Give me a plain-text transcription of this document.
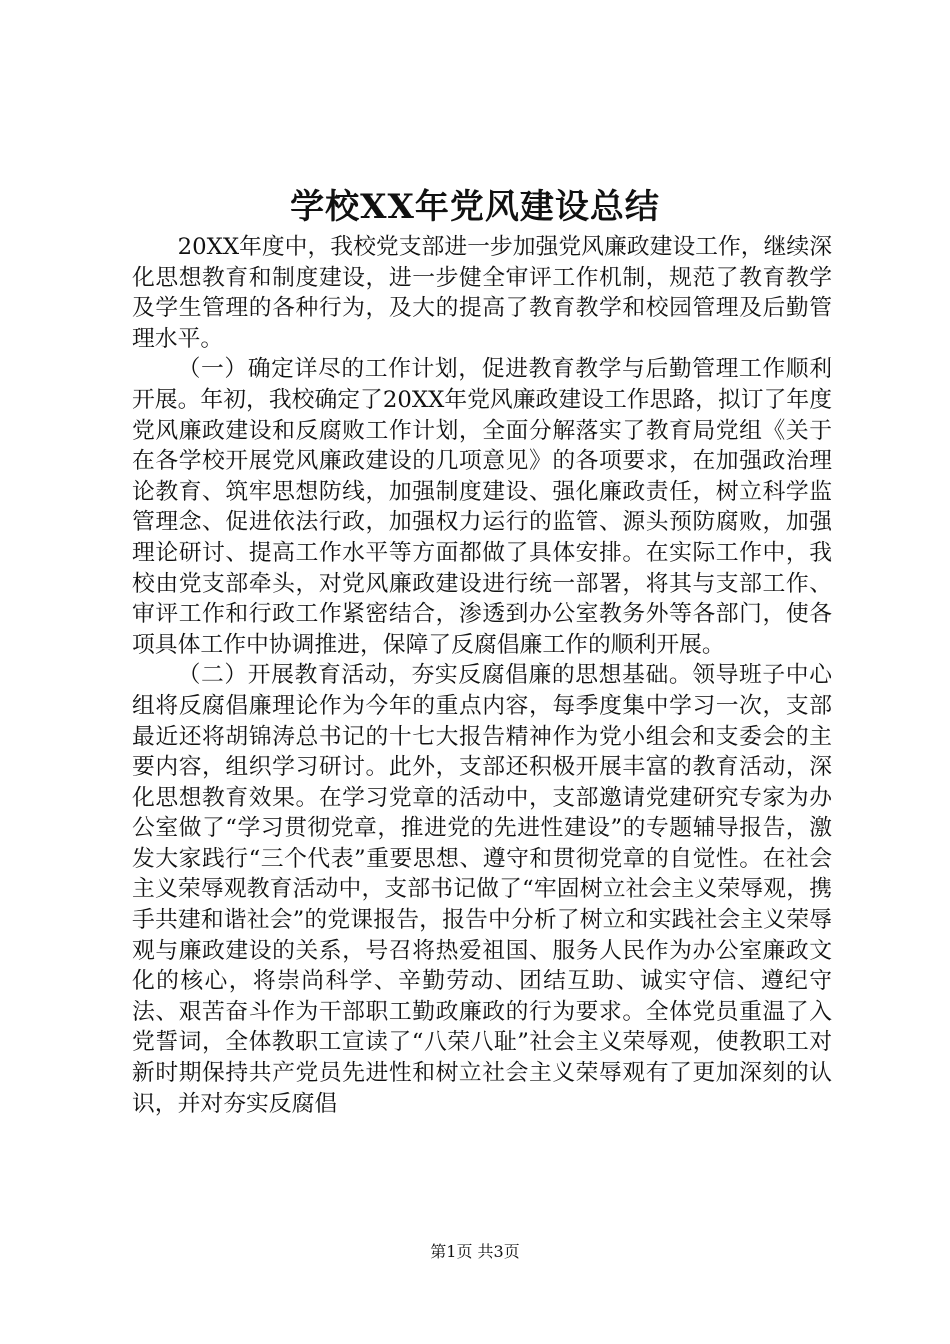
学校XX年党风建设总结

20XX年度中，我校党支部进一步加强党风廉政建设工作，继续深化思想教育和制度建设，进一步健全审评工作机制，规范了教育教学及学生管理的各种行为，及大的提高了教育教学和校园管理及后勤管理水平。

（一）确定详尽的工作计划，促进教育教学与后勤管理工作顺利开展。年初，我校确定了20XX年党风廉政建设工作思路，拟订了年度党风廉政建设和反腐败工作计划，全面分解落实了教育局党组《关于在各学校开展党风廉政建设的几项意见》的各项要求，在加强政治理论教育、筑牢思想防线，加强制度建设、强化廉政责任，树立科学监管理念、促进依法行政，加强权力运行的监管、源头预防腐败，加强理论研讨、提高工作水平等方面都做了具体安排。在实际工作中，我校由党支部牵头，对党风廉政建设进行统一部署，将其与支部工作、审评工作和行政工作紧密结合，渗透到办公室教务外等各部门，使各项具体工作中协调推进，保障了反腐倡廉工作的顺利开展。

（二）开展教育活动，夯实反腐倡廉的思想基础。领导班子中心组将反腐倡廉理论作为今年的重点内容，每季度集中学习一次，支部最近还将胡锦涛总书记的十七大报告精神作为党小组会和支委会的主要内容，组织学习研讨。此外，支部还积极开展丰富的教育活动，深化思想教育效果。在学习党章的活动中，支部邀请党建研究专家为办公室做了“学习贯彻党章，推进党的先进性建设”的专题辅导报告，激发大家践行“三个代表”重要思想、遵守和贯彻党章的自觉性。在社会主义荣辱观教育活动中，支部书记做了“牢固树立社会主义荣辱观，携手共建和谐社会”的党课报告，报告中分析了树立和实践社会主义荣辱观与廉政建设的关系，号召将热爱祖国、服务人民作为办公室廉政文化的核心，将崇尚科学、辛勤劳动、团结互助、诚实守信、遵纪守法、艰苦奋斗作为干部职工勤政廉政的行为要求。全体党员重温了入党誓词，全体教职工宣读了“八荣八耻”社会主义荣辱观，使教职工对新时期保持共产党员先进性和树立社会主义荣辱观有了更加深刻的认识，并对夯实反腐倡

第1页 共3页
